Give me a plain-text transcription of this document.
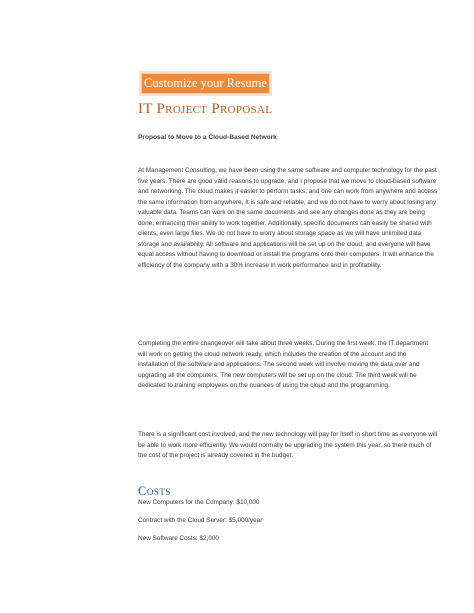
Customize your Resume
IT Project Proposal

Proposal to Move to a Cloud-Based Network

At Management Consulting, we have been using the same software and computer technology for the past five years. There are good valid reasons to upgrade, and I propose that we move to cloud-based software and networking. The cloud makes it easier to perform tasks, and one can work from anywhere and access the same information from anywhere. It is safe and reliable, and we do not have to worry about losing any valuable data. Teams can work on the same documents and see any changes done as they are being done, enhancing their ability to work together. Additionally, specific documents can easily be shared with clients, even large files. We do not have to worry about storage space as we will have unlimited data storage and availability. All software and applications will be set up on the cloud, and everyone will have equal access without having to download or install the programs onto their computers. It will enhance the efficiency of the company with a 30% increase in work performance and in profitability.

Completing the entire changeover will take about three weeks. During the first week, the IT department will work on getting the cloud network ready, which includes the creation of the account and the installation of the software and applications. The second week will involve moving the data over and upgrading all the computers. The new computers will be set up on the cloud. The third week will be dedicated to training employees on the nuances of using the cloud and the programming.

There is a significant cost involved, and the new technology will pay for itself in short time as everyone will be able to work more efficiently. We would normally be upgrading the system this year, so there much of the cost of the project is already covered in the budget.

Costs

New Computers for the Company: $10,000

Contract with the Cloud Server: $5,000/year

New Software Costs: $2,000
